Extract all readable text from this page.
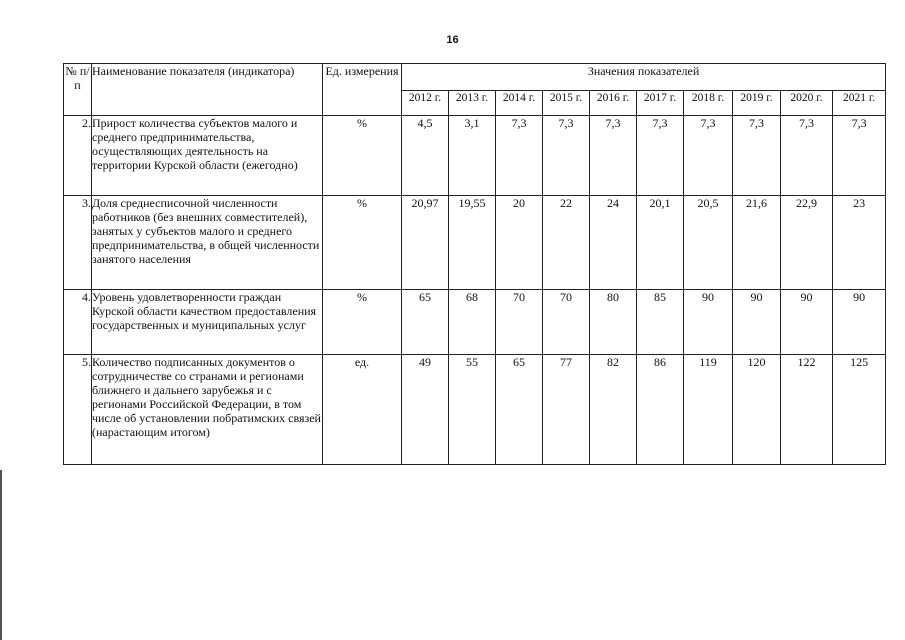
16
№ п/п	Наименование показателя (индикатора)	Ед. измерения	Значения показателей									
			2012 г.	2013 г.	2014 г.	2015 г.	2016 г.	2017 г.	2018 г.	2019 г.	2020 г.	2021 г.
2.	Прирост количества субъектов малого и среднего предпринимательства, осуществляющих деятельность на территории Курской области (ежегодно)	%	4,5	3,1	7,3	7,3	7,3	7,3	7,3	7,3	7,3	7,3
3.	Доля среднесписочной численности работников (без внешних совместителей), занятых у субъектов малого и среднего предпринимательства, в общей численности занятого населения	%	20,97	19,55	20	22	24	20,1	20,5	21,6	22,9	23
4.	Уровень удовлетворенности граждан Курской области качеством предоставления государственных и муниципальных услуг	%	65	68	70	70	80	85	90	90	90	90
5.	Количество подписанных документов о сотрудничестве со странами и регионами ближнего и дальнего зарубежья и с регионами Российской Федерации, в том числе об установлении побратимских связей (нарастающим итогом)	ед.	49	55	65	77	82	86	119	120	122	125
